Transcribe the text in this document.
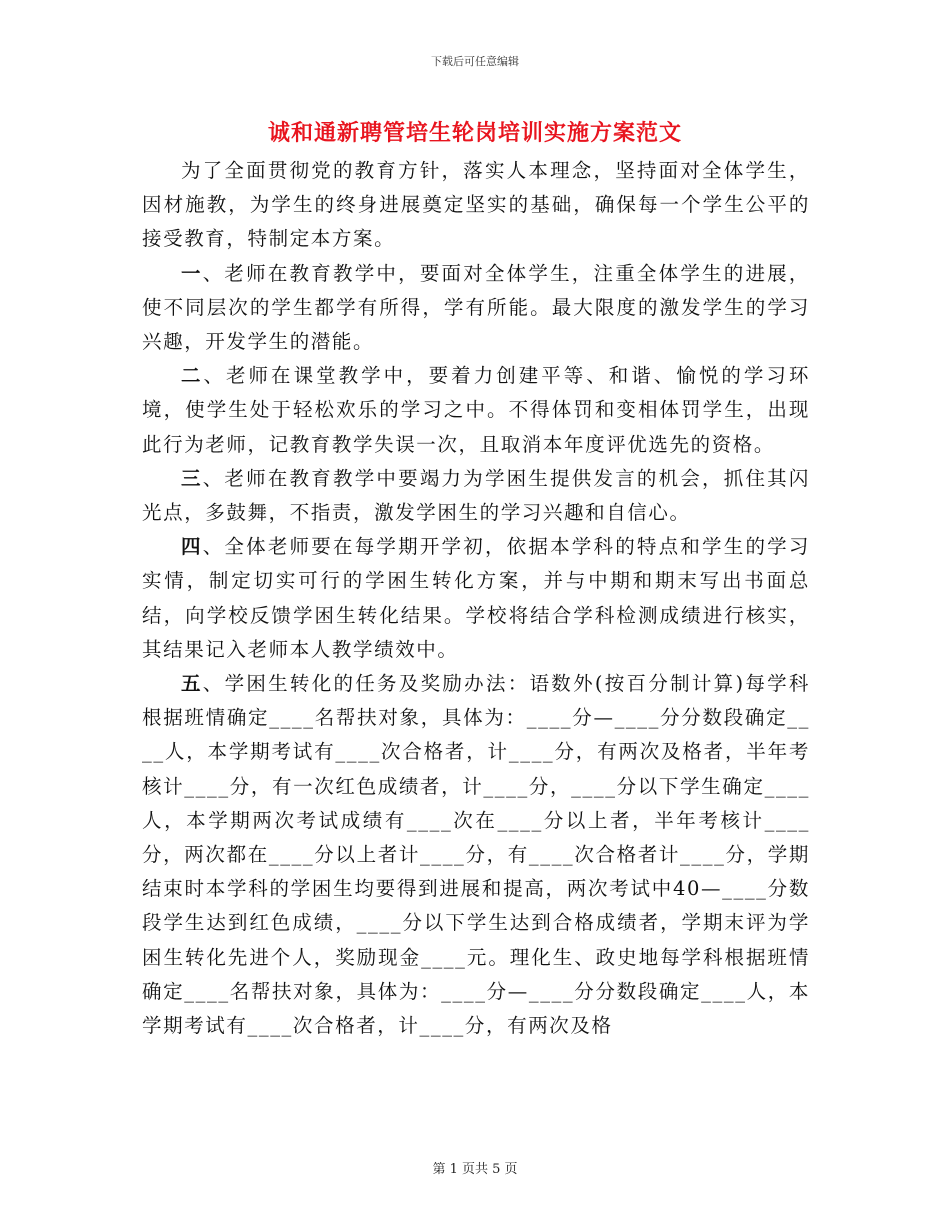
下载后可任意编辑
诚和通新聘管培生轮岗培训实施方案范文

为了全面贯彻党的教育方针，落实人本理念，坚持面对全体学生，因材施教，为学生的终身进展奠定坚实的基础，确保每一个学生公平的接受教育，特制定本方案。

一、老师在教育教学中，要面对全体学生，注重全体学生的进展，使不同层次的学生都学有所得，学有所能。最大限度的激发学生的学习兴趣，开发学生的潜能。

二、老师在课堂教学中，要着力创建平等、和谐、愉悦的学习环境，使学生处于轻松欢乐的学习之中。不得体罚和变相体罚学生，出现此行为老师，记教育教学失误一次，且取消本年度评优选先的资格。

三、老师在教育教学中要竭力为学困生提供发言的机会，抓住其闪光点，多鼓舞，不指责，激发学困生的学习兴趣和自信心。

四、全体老师要在每学期开学初，依据本学科的特点和学生的学习实情，制定切实可行的学困生转化方案，并与中期和期末写出书面总结，向学校反馈学困生转化结果。学校将结合学科检测成绩进行核实，其结果记入老师本人教学绩效中。

五、学困生转化的任务及奖励办法：语数外(按百分制计算)每学科根据班情确定____名帮扶对象，具体为：____分—____分分数段确定____人，本学期考试有____次合格者，计____分，有两次及格者，半年考核计____分，有一次红色成绩者，计____分，____分以下学生确定____人，本学期两次考试成绩有____次在____分以上者，半年考核计____分，两次都在____分以上者计____分，有____次合格者计____分，学期结束时本学科的学困生均要得到进展和提高，两次考试中40—____分数段学生达到红色成绩，____分以下学生达到合格成绩者，学期末评为学困生转化先进个人，奖励现金____元。理化生、政史地每学科根据班情确定____名帮扶对象，具体为：____分—____分分数段确定____人，本学期考试有____次合格者，计____分，有两次及格

第 1 页共 5 页
